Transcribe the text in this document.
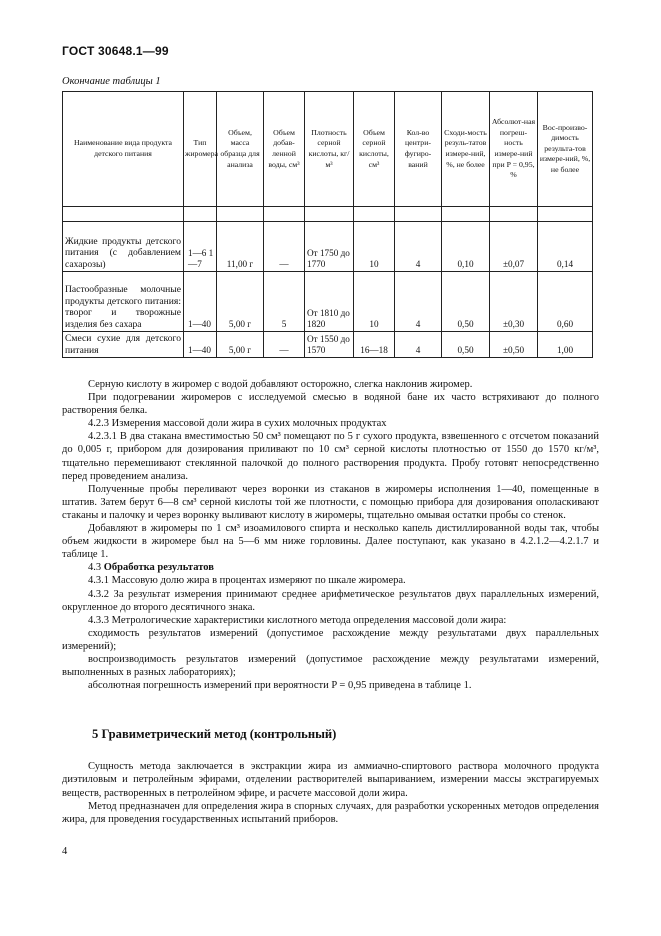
ГОСТ 30648.1—99
Окончание таблицы 1
Наименование вида продукта детского питания	Тип жиромера	Объем, масса образца для анализа	Объем добав-ленной воды, см³	Плотность серной кислоты, кг/м³	Объем серной кислоты, см³	Кол-во центри-фугиро-ваний	Сходи-мость резуль-татов измере-ний, %, не более	Абсолют-ная погреш-ность измере-ний при P = 0,95, %	Вос-произво-димость результа-тов измере-ний, %, не более

Жидкие продукты детского питания (с добавлением сахарозы)	1—6 1—7	11,00 г	—	От 1750 до 1770	10	4	0,10	±0,07	0,14
Пастообразные молочные продукты детского питания: творог и творожные изделия без сахара	1—40	5,00 г	5	От 1810 до 1820	10	4	0,50	±0,30	0,60
Смеси сухие для детского питания	1—40	5,00 г	—	От 1550 до 1570	16—18	4	0,50	±0,50	1,00

Серную кислоту в жиромер с водой добавляют осторожно, слегка наклонив жиромер.

При подогревании жиромеров с исследуемой смесью в водяной бане их часто встряхивают до полного растворения белка.

4.2.3 Измерения массовой доли жира в сухих молочных продуктах

4.2.3.1 В два стакана вместимостью 50 см³ помещают по 5 г сухого продукта, взвешенного с отсчетом показаний до 0,005 г, прибором для дозирования приливают по 10 см³ серной кислоты плотностью от 1550 до 1570 кг/м³, тщательно перемешивают стеклянной палочкой до полного растворения продукта. Пробу готовят непосредственно перед проведением анализа.

Полученные пробы переливают через воронки из стаканов в жиромеры исполнения 1—40, помещенные в штатив. Затем берут 6—8 см³ серной кислоты той же плотности, с помощью прибора для дозирования ополаскивают стаканы и палочку и через воронку выливают кислоту в жиромеры, тщательно омывая остатки пробы со стенок.

Добавляют в жиромеры по 1 см³ изоамилового спирта и несколько капель дистиллированной воды так, чтобы объем жидкости в жиромере был на 5—6 мм ниже горловины. Далее поступают, как указано в 4.2.1.2—4.2.1.7 и таблице 1.

4.3 Обработка результатов

4.3.1 Массовую долю жира в процентах измеряют по шкале жиромера.

4.3.2 За результат измерения принимают среднее арифметическое результатов двух параллельных измерений, округленное до второго десятичного знака.

4.3.3 Метрологические характеристики кислотного метода определения массовой доли жира:

сходимость результатов измерений (допустимое расхождение между результатами двух параллельных измерений);

воспроизводимость результатов измерений (допустимое расхождение между результатами измерений, выполненных в разных лабораториях);

абсолютная погрешность измерений при вероятности P = 0,95 приведена в таблице 1.

5 Гравиметрический метод (контрольный)

Сущность метода заключается в экстракции жира из аммиачно-спиртового раствора молочного продукта диэтиловым и петролейным эфирами, отделении растворителей выпариванием, измерении массы экстрагируемых веществ, растворенных в петролейном эфире, и расчете массовой доли жира.

Метод предназначен для определения жира в спорных случаях, для разработки ускоренных методов определения жира, для проведения государственных испытаний приборов.

4
